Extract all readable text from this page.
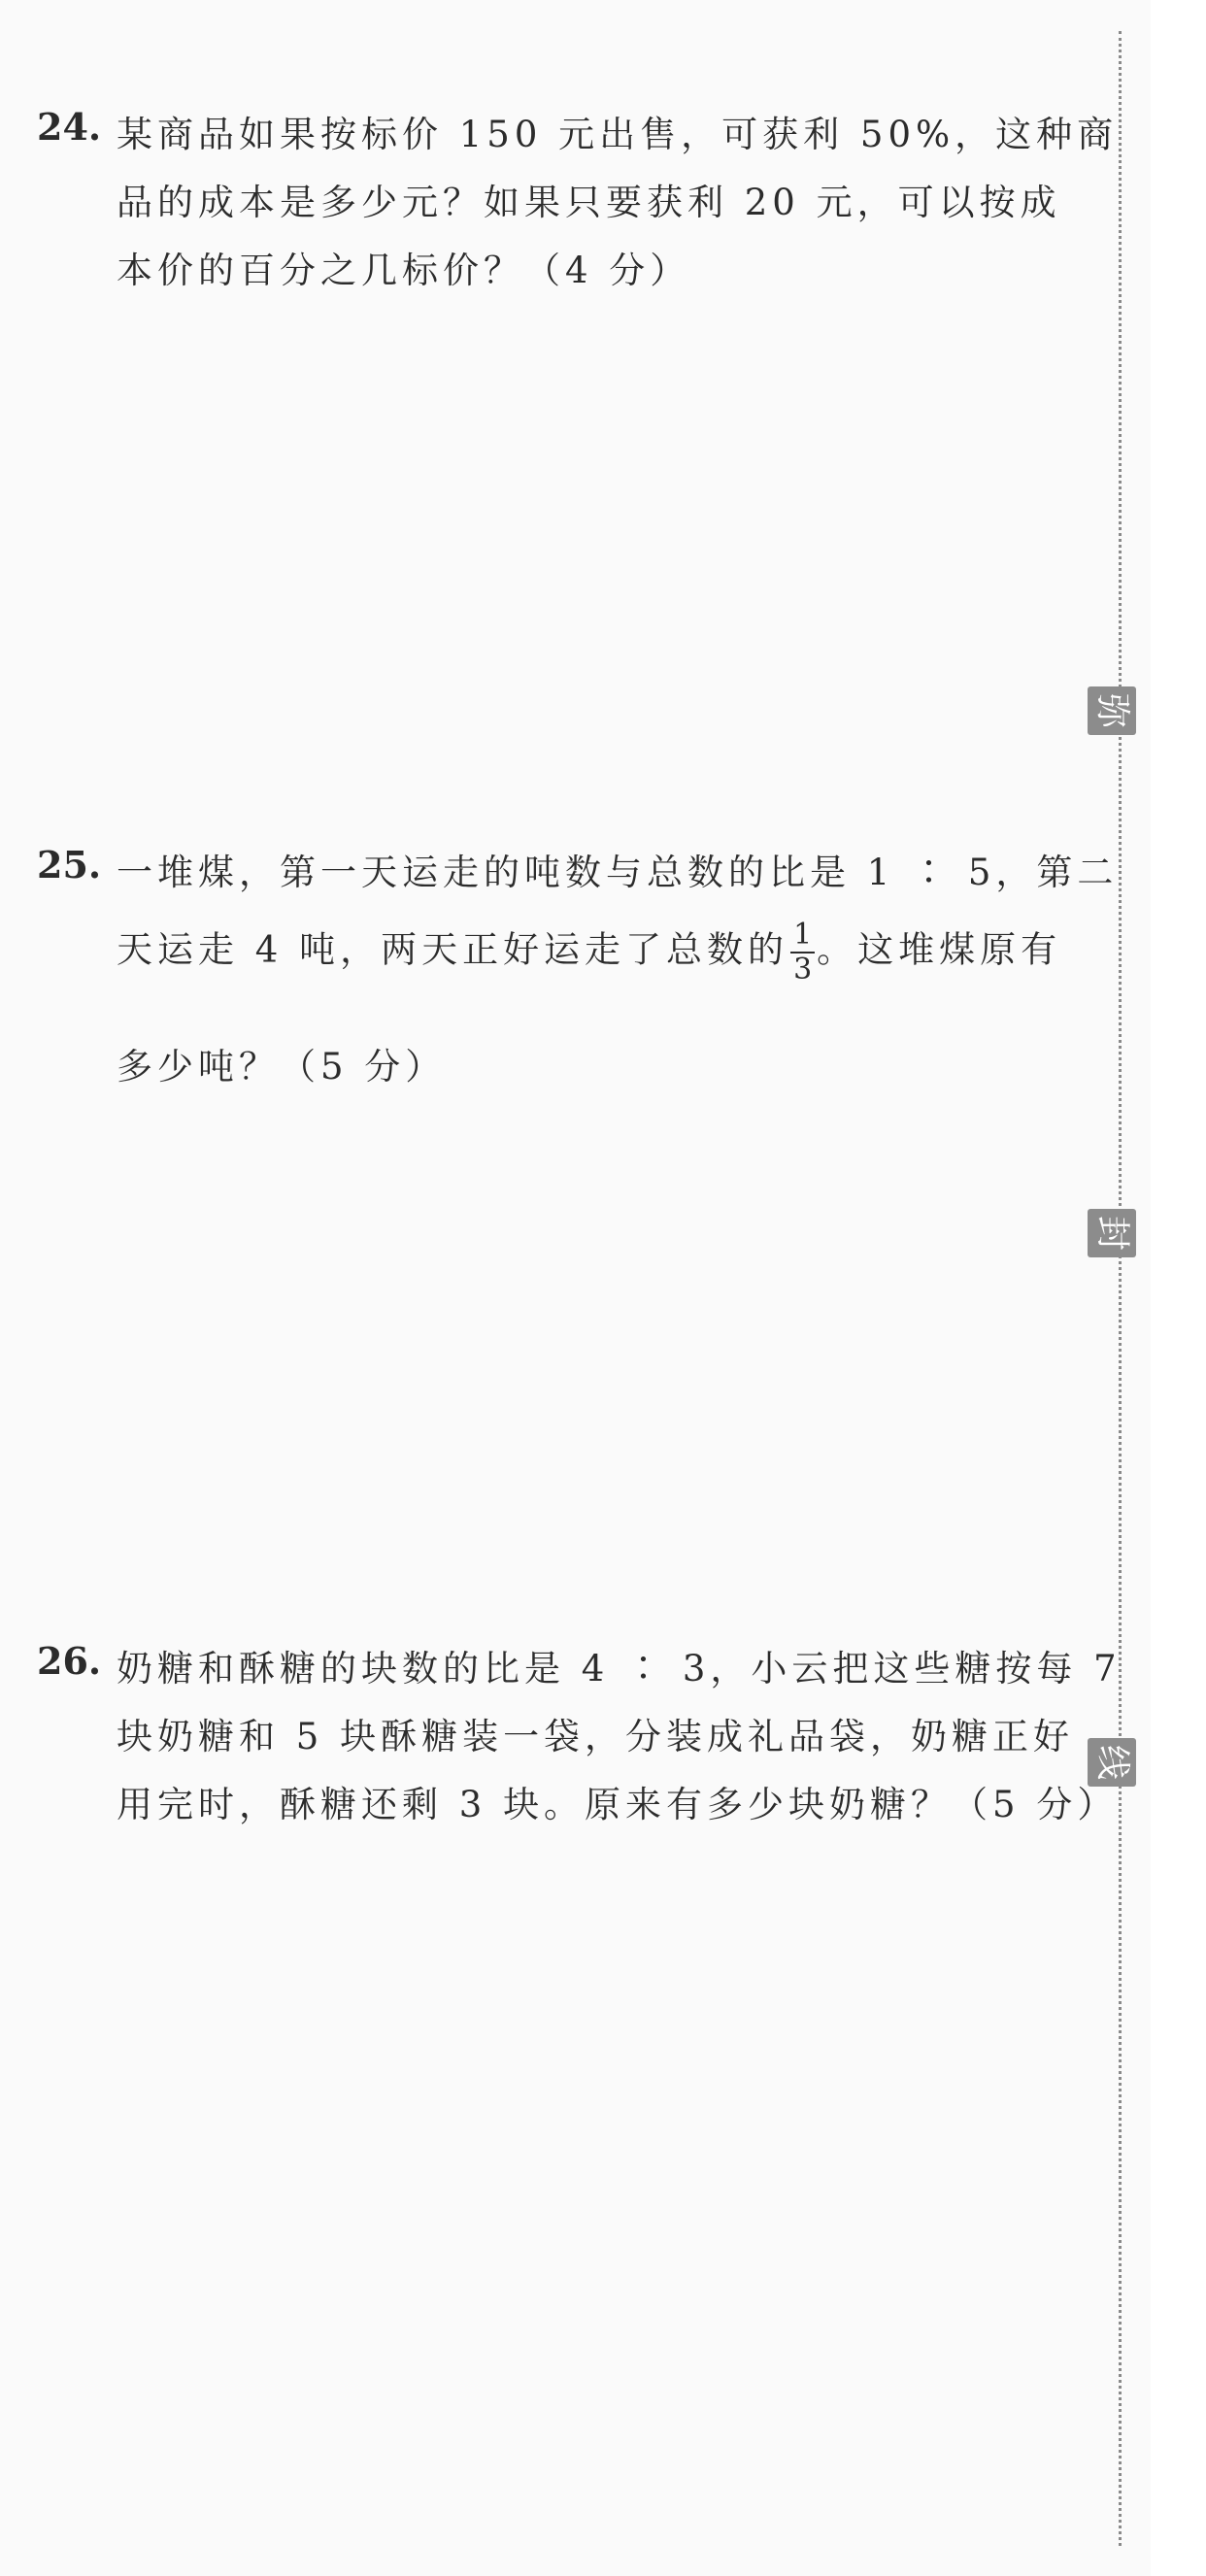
弥
封
线
24. 某商品如果按标价 150 元出售，可获利 50%，这种商
品的成本是多少元？如果只要获利 20 元，可以按成
本价的百分之几标价？（4 分）
25. 一堆煤，第一天运走的吨数与总数的比是 1 ∶ 5，第二
天运走 4 吨，两天正好运走了总数的 $\frac{1}{3}$ 。这堆煤原有
多少吨？（5 分）
26. 奶糖和酥糖的块数的比是 4 ∶ 3，小云把这些糖按每 7
块奶糖和 5 块酥糖装一袋，分装成礼品袋，奶糖正好
用完时，酥糖还剩 3 块。原来有多少块奶糖？（5 分）
